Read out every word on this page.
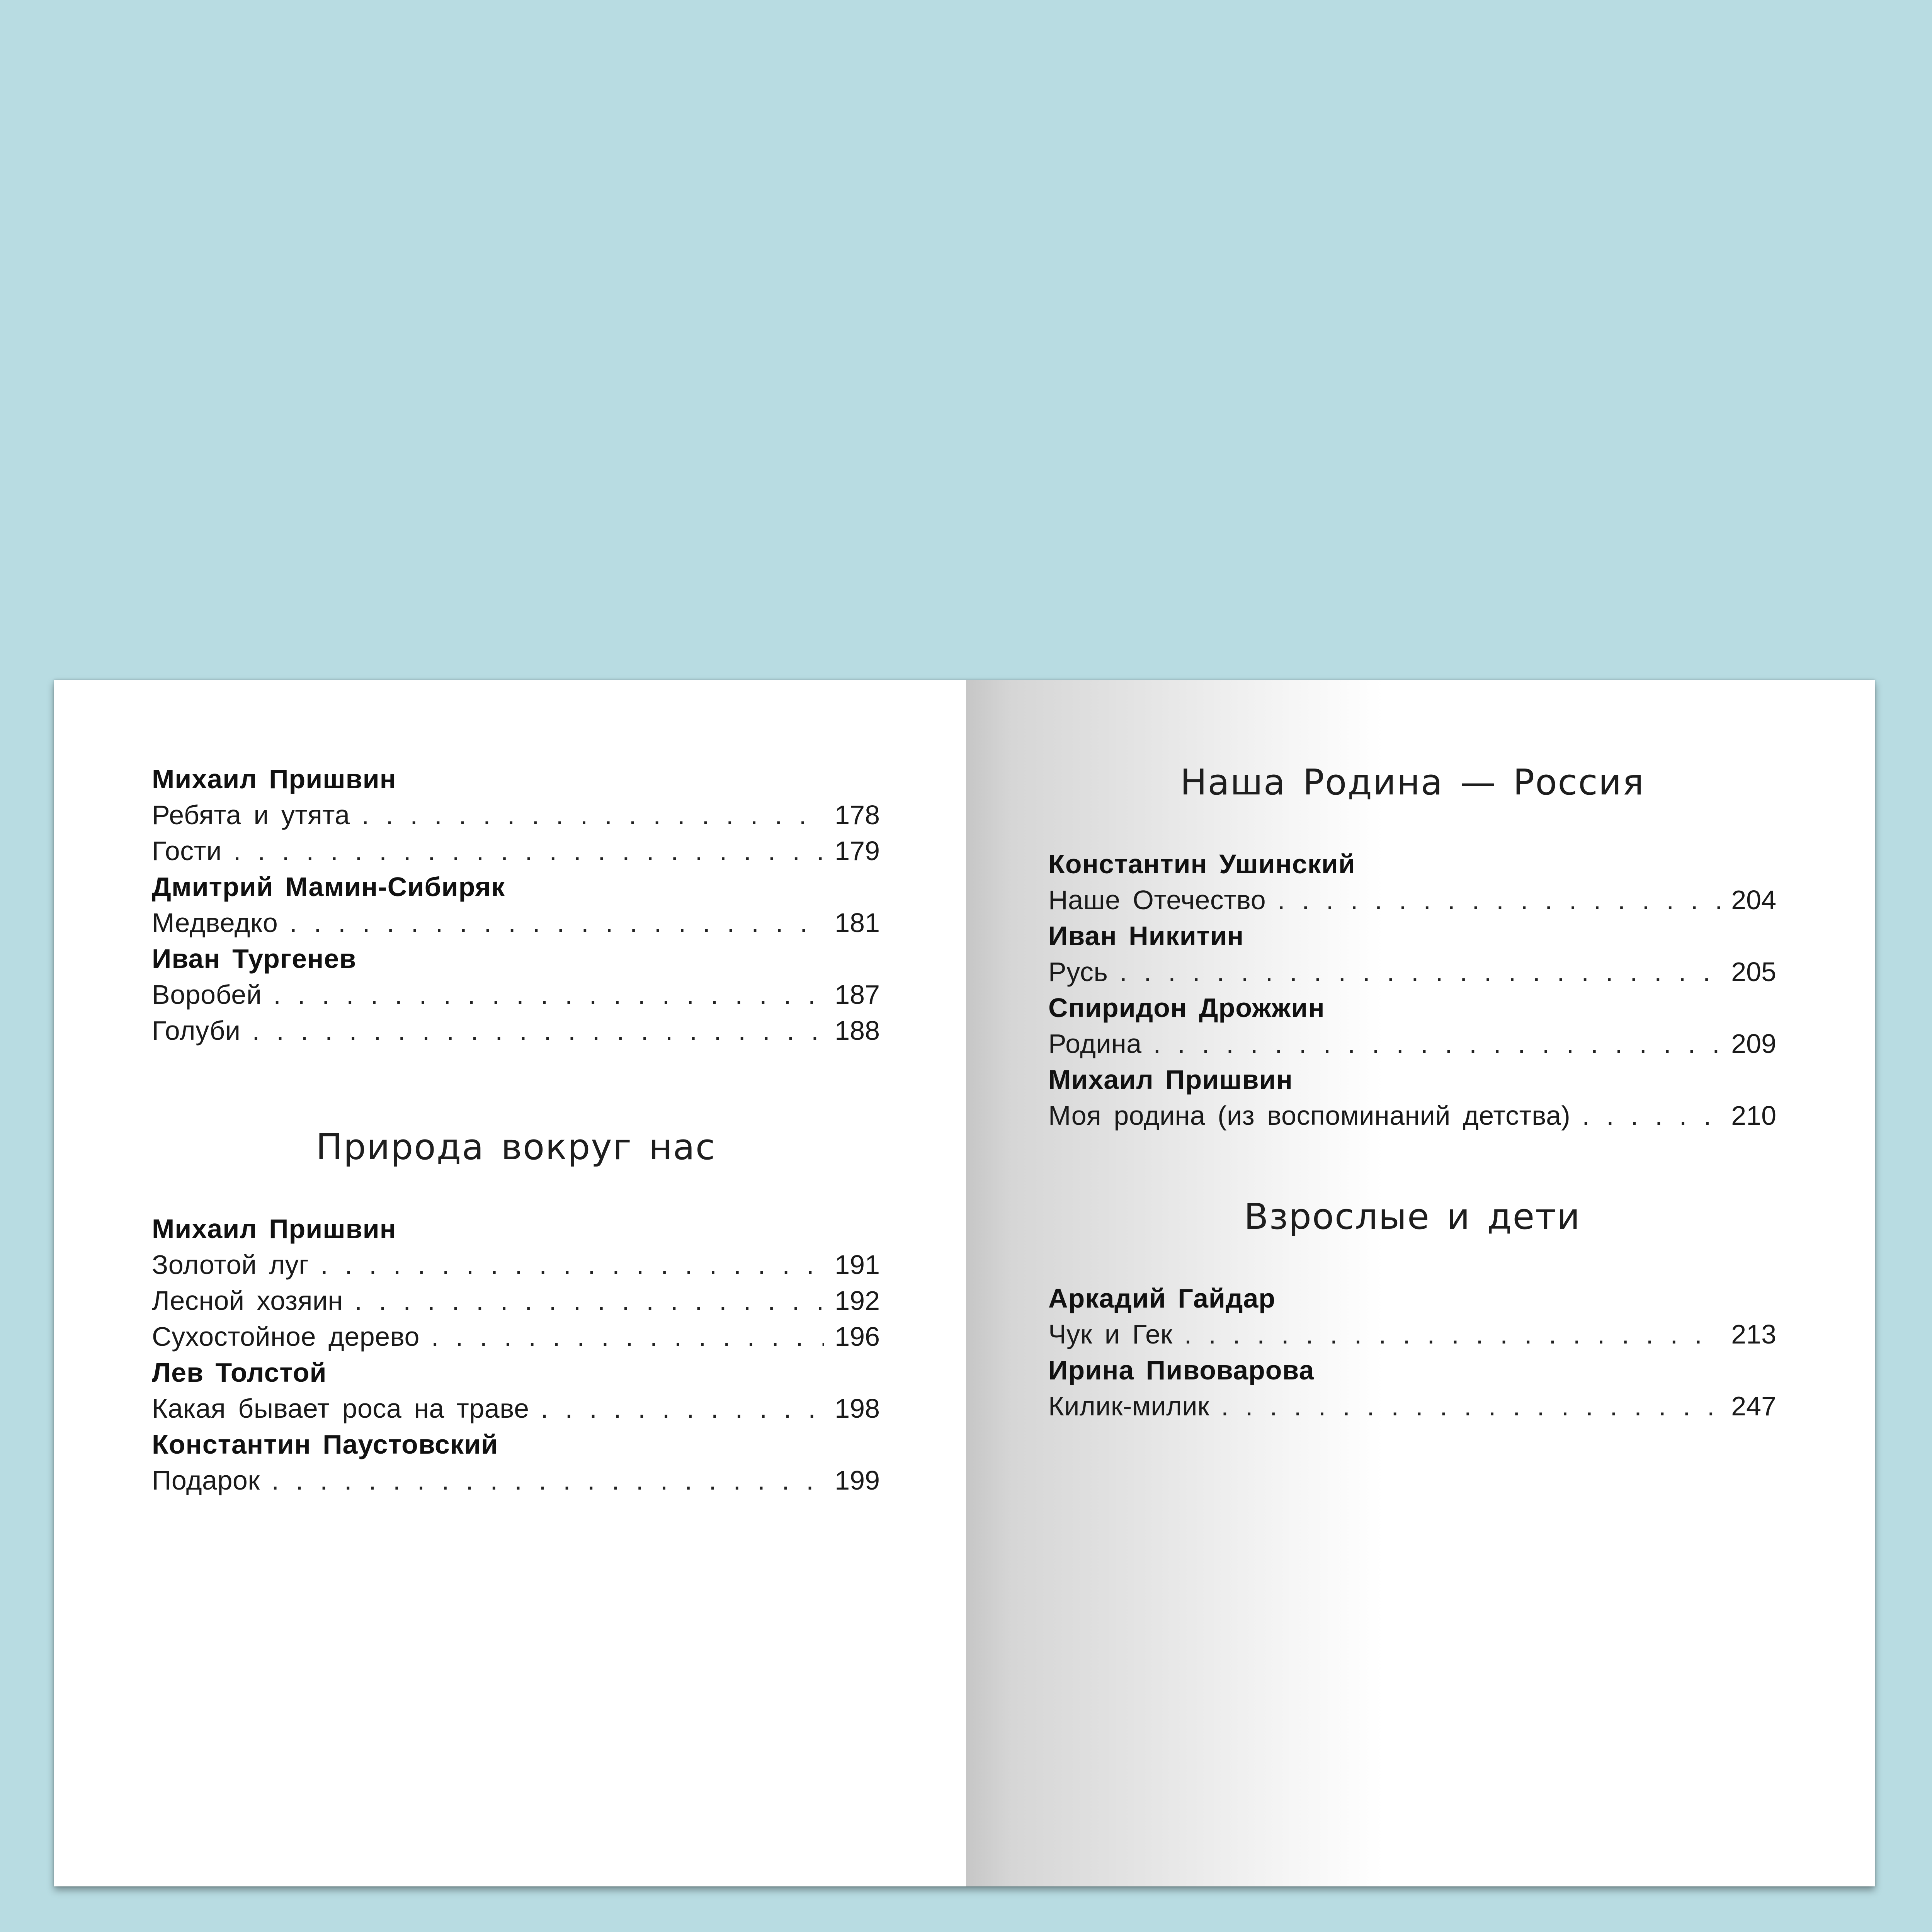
Михаил Пришвин
Ребята и утята . . .	178
Гости . . .	179
Дмитрий Мамин-Сибиряк
Медведко . . .	181
Иван Тургенев
Воробей . . .	187
Голуби . . .	188
Природа вокруг нас
Михаил Пришвин
Золотой луг . . .	191
Лесной хозяин . . .	192
Сухостойное дерево . . .	196
Лев Толстой
Какая бывает роса на траве . . .	198
Константин Паустовский
Подарок . . .	199
Наша Родина — Россия
Константин Ушинский
Наше Отечество . . .	204
Иван Никитин
Русь . . .	205
Спиридон Дрожжин
Родина . . .	209
Михаил Пришвин
Моя родина (из воспоминаний детства) . . .	210
Взрослые и дети
Аркадий Гайдар
Чук и Гек . . .	213
Ирина Пивоварова
Килик-милик . . .	247
